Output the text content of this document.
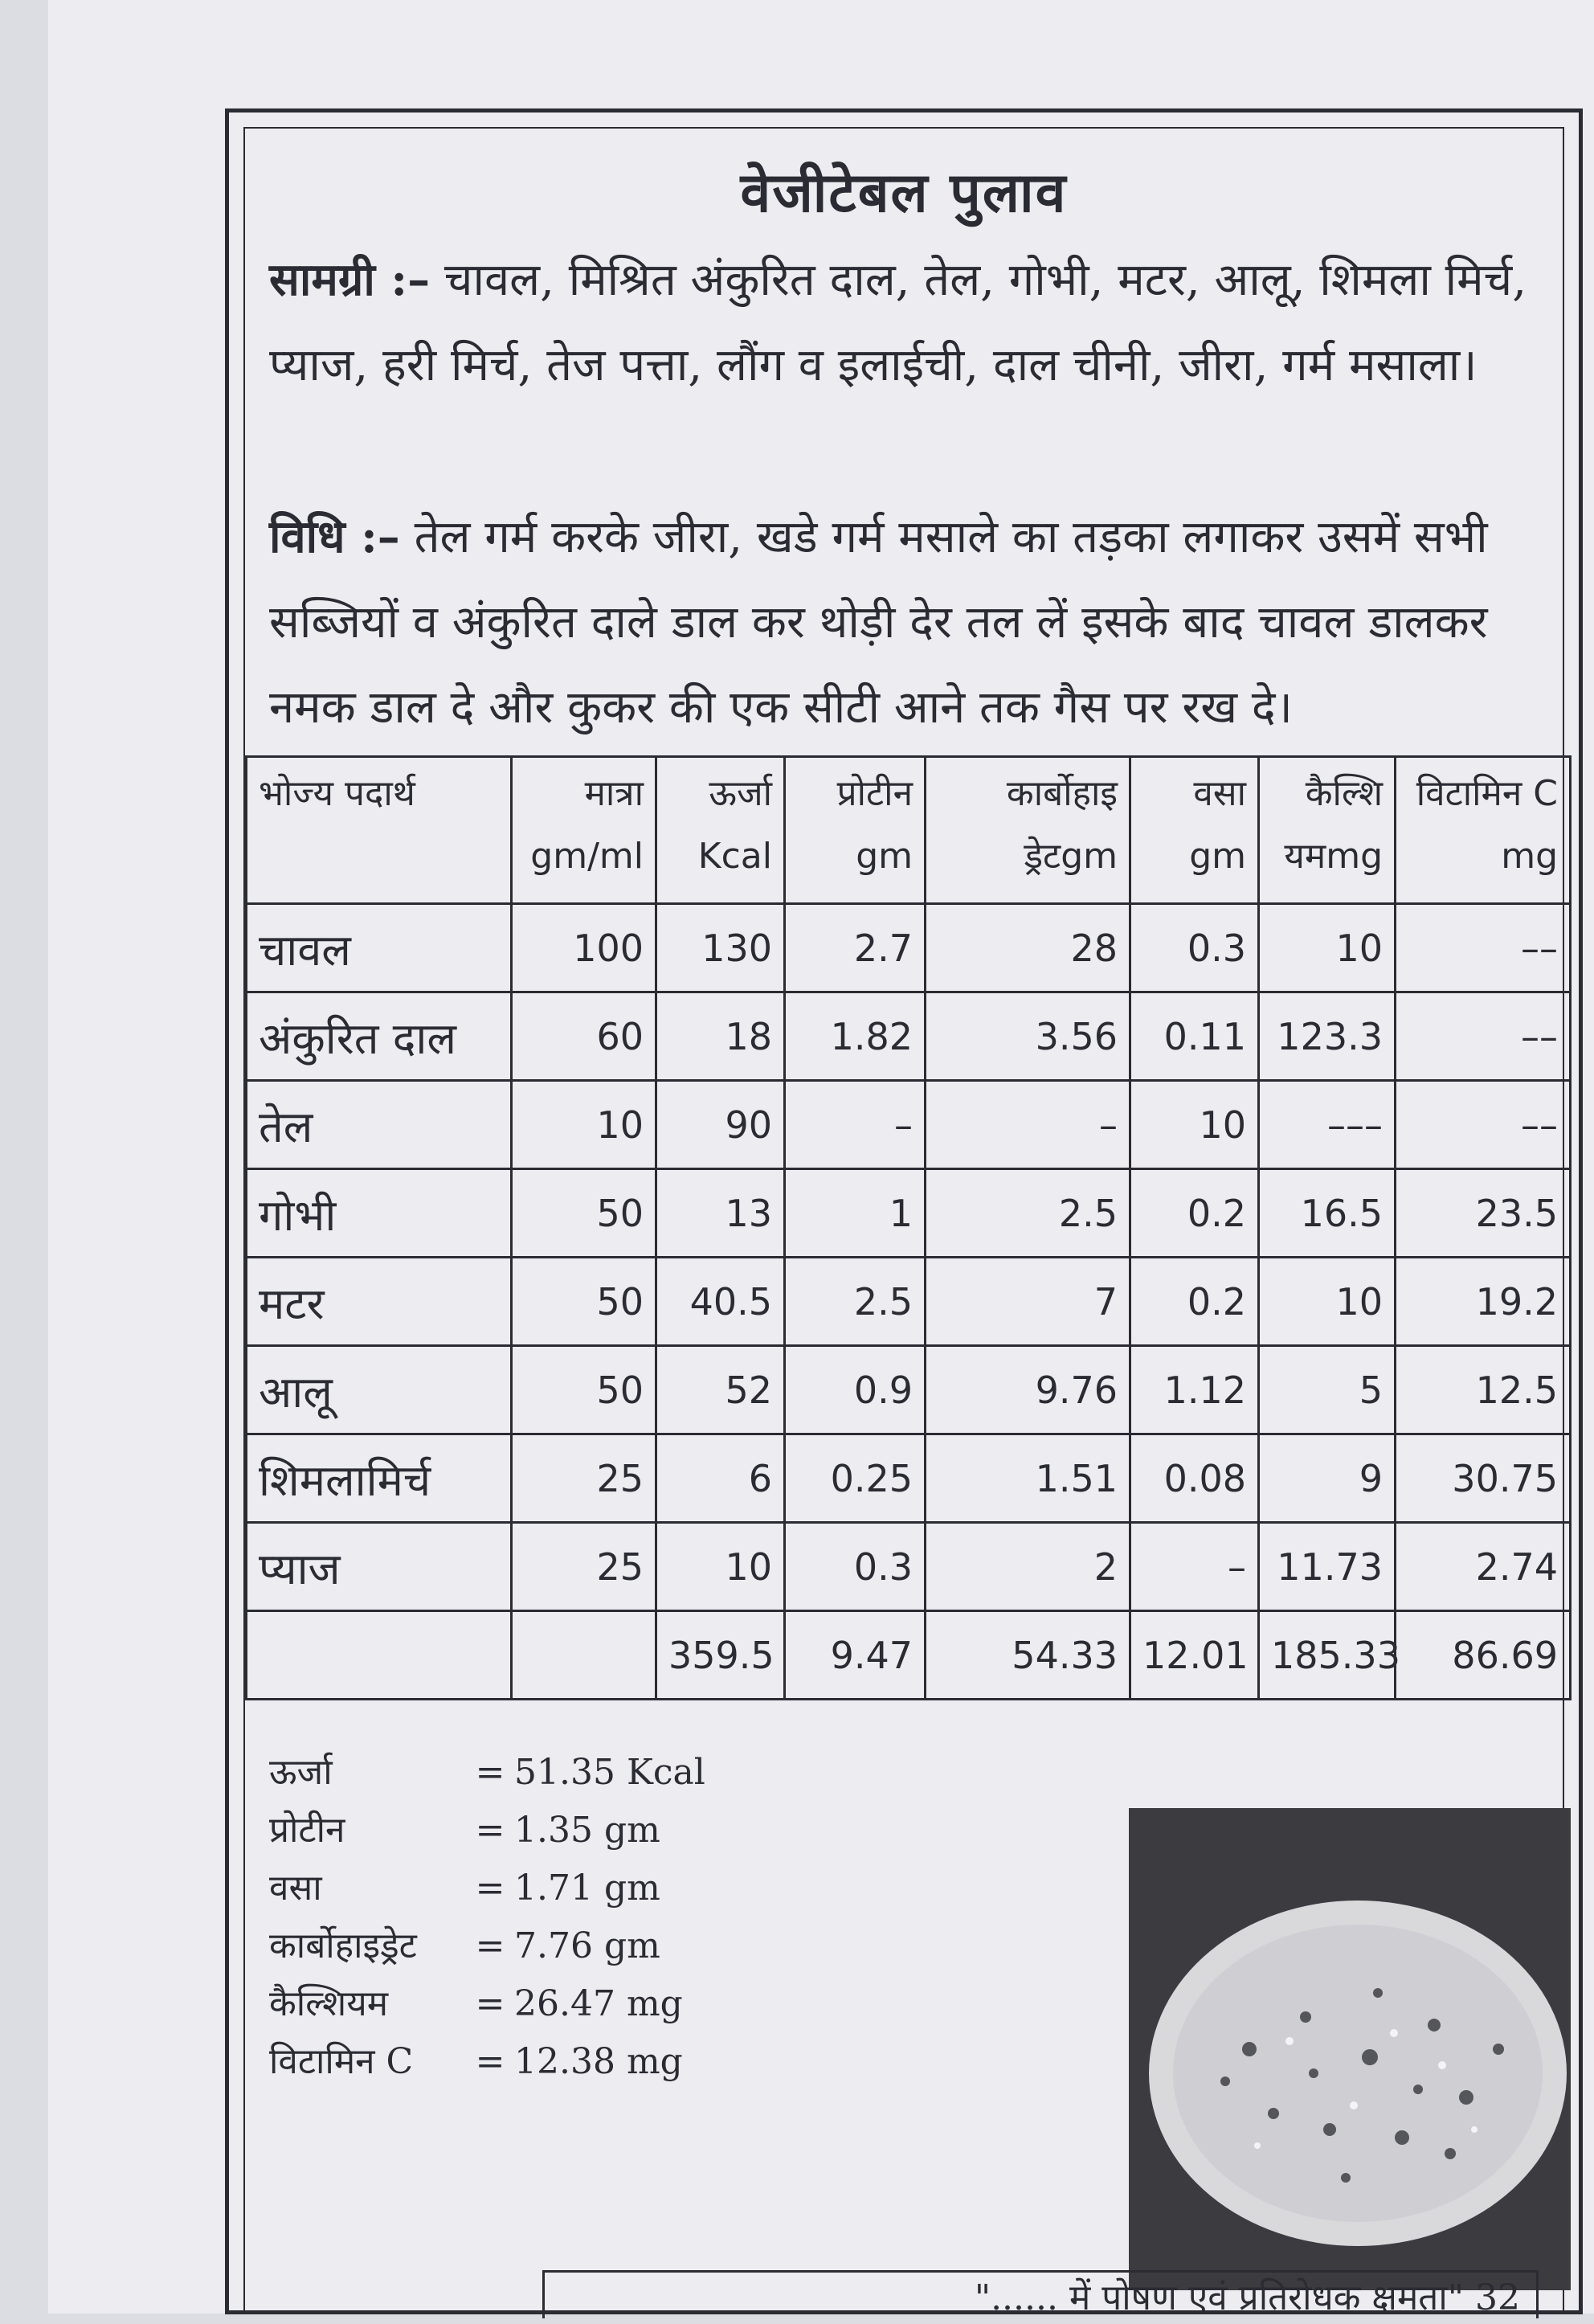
वेजीटेबल पुलाव
सामग्री :– चावल, मिश्रित अंकुरित दाल, तेल, गोभी, मटर, आलू, शिमला मिर्च, प्याज, हरी मिर्च, तेज पत्ता, लौंग व इलाईची, दाल चीनी, जीरा, गर्म मसाला।
विधि :– तेल गर्म करके जीरा, खडे गर्म मसाले का तड़का लगाकर उसमें सभी सब्जियों व अंकुरित दाले डाल कर थोड़ी देर तल लें इसके बाद चावल डालकर नमक डाल दे और कुकर की एक सीटी आने तक गैस पर रख दे।
भोज्य पदार्थ	मात्रा gm/ml	ऊर्जा Kcal	प्रोटीन gm	कार्बोहाइ ड्रेटgm	वसा gm	कैल्शि यमmg	विटामिन C mg
चावल	100	130	2.7	28	0.3	10	––
अंकुरित दाल	60	18	1.82	3.56	0.11	123.3	––
तेल	10	90	–	–	10	–––	––
गोभी	50	13	1	2.5	0.2	16.5	23.5
मटर	50	40.5	2.5	7	0.2	10	19.2
आलू	50	52	0.9	9.76	1.12	5	12.5
शिमलामिर्च	25	6	0.25	1.51	0.08	9	30.75
प्याज	25	10	0.3	2	–	11.73	2.74
		359.5	9.47	54.33	12.01	185.33	86.69
ऊर्जा	= 51.35 Kcal
प्रोटीन	= 1.35 gm
वसा	= 1.71 gm
कार्बोहाइड्रेट	= 7.76 gm
कैल्शियम	= 26.47 mg
विटामिन C	= 12.38 mg
"...... में पोषण एवं प्रतिरोधक क्षमता" 32
